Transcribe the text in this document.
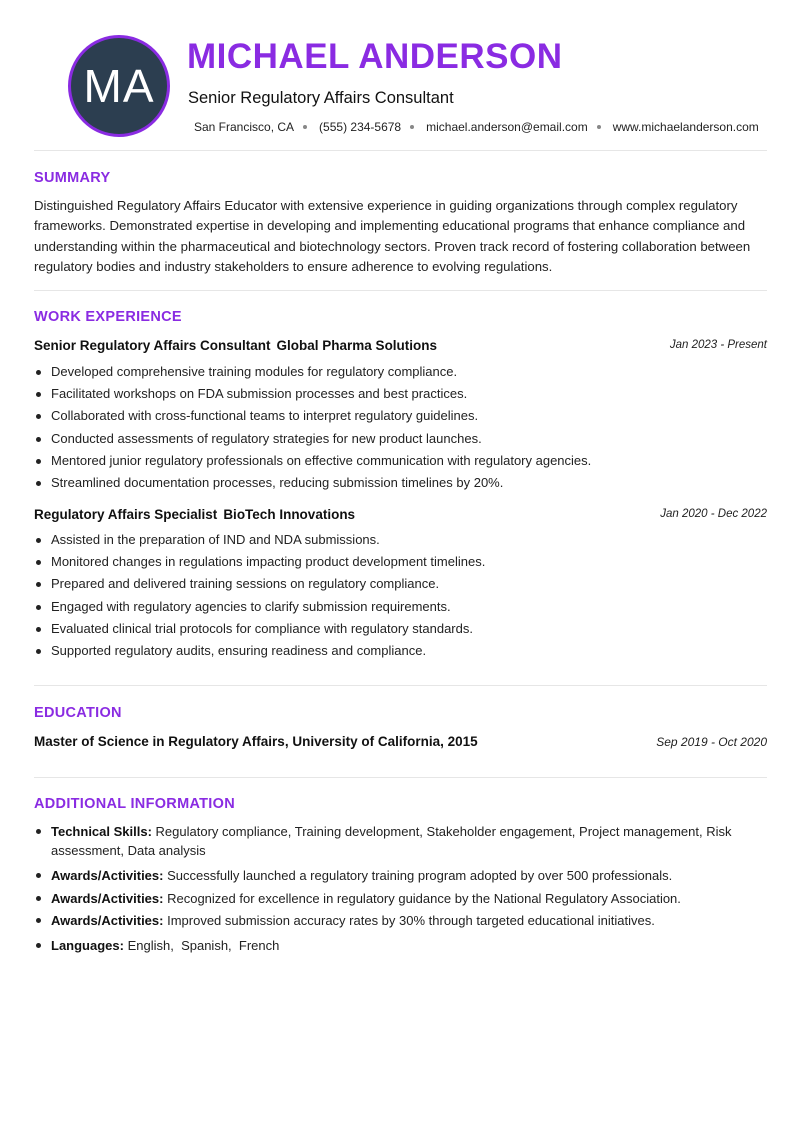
MA
MICHAEL ANDERSON
Senior Regulatory Affairs Consultant
San Francisco, CA (555) 234-5678 michael.anderson@email.com www.michaelanderson.com
SUMMARY

Distinguished Regulatory Affairs Educator with extensive experience in guiding organizations through complex regulatory frameworks. Demonstrated expertise in developing and implementing educational programs that enhance compliance and understanding within the pharmaceutical and biotechnology sectors. Proven track record of fostering collaboration between regulatory bodies and industry stakeholders to ensure adherence to evolving regulations.

WORK EXPERIENCE
Senior Regulatory Affairs Consultant Global Pharma Solutions	Jan 2023 - Present
Developed comprehensive training modules for regulatory compliance.
Facilitated workshops on FDA submission processes and best practices.
Collaborated with cross-functional teams to interpret regulatory guidelines.
Conducted assessments of regulatory strategies for new product launches.
Mentored junior regulatory professionals on effective communication with regulatory agencies.
Streamlined documentation processes, reducing submission timelines by 20%.
Regulatory Affairs Specialist BioTech Innovations	Jan 2020 - Dec 2022
Assisted in the preparation of IND and NDA submissions.
Monitored changes in regulations impacting product development timelines.
Prepared and delivered training sessions on regulatory compliance.
Engaged with regulatory agencies to clarify submission requirements.
Evaluated clinical trial protocols for compliance with regulatory standards.
Supported regulatory audits, ensuring readiness and compliance.
EDUCATION
Master of Science in Regulatory Affairs, University of California, 2015	Sep 2019 - Oct 2020
ADDITIONAL INFORMATION
Technical Skills: Regulatory compliance, Training development, Stakeholder engagement, Project management, Risk assessment, Data analysis
Awards/Activities: Successfully launched a regulatory training program adopted by over 500 professionals.
Awards/Activities: Recognized for excellence in regulatory guidance by the National Regulatory Association.
Awards/Activities: Improved submission accuracy rates by 30% through targeted educational initiatives.
Languages: English,  Spanish,  French
